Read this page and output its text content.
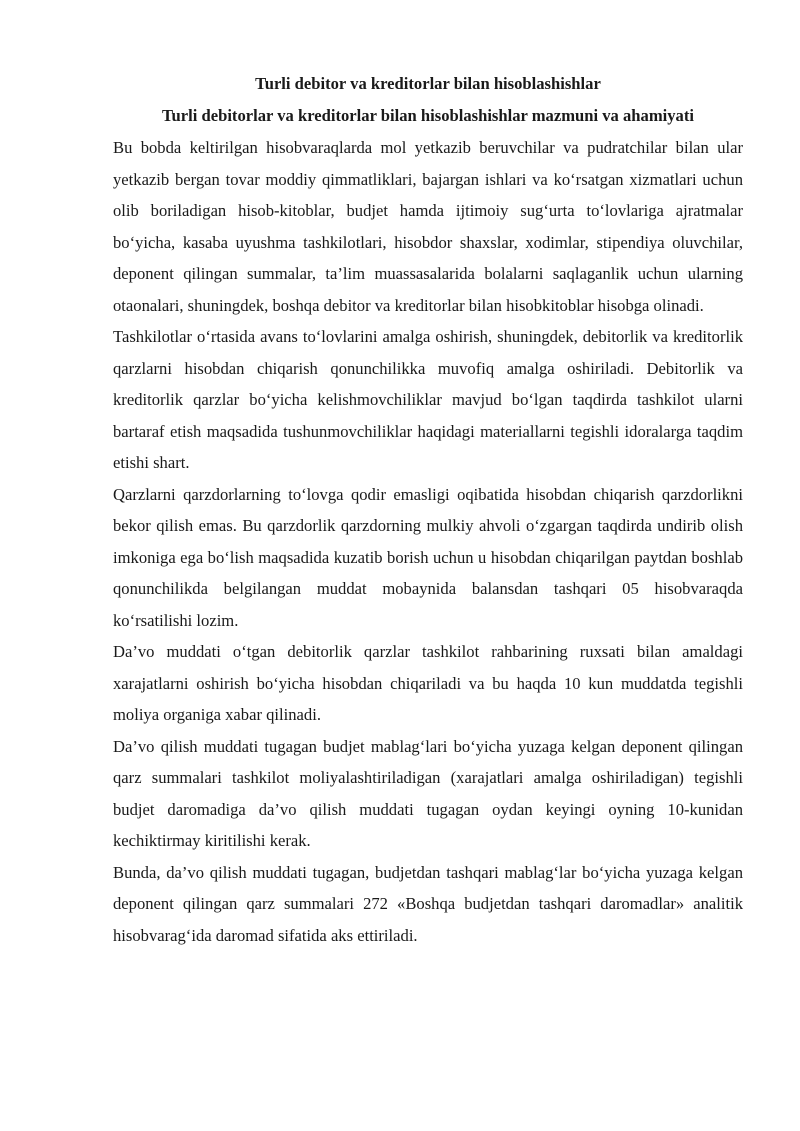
Turli debitor va kreditorlar bilan hisoblashishlar

Turli debitorlar va kreditorlar bilan hisoblashishlar mazmuni va ahamiyati

Bu bobda keltirilgan hisobvaraqlarda mol yetkazib beruvchilar va pudratchilar bilan ular yetkazib bergan tovar moddiy qimmatliklari, bajargan ishlari va ko‘rsatgan xizmatlari uchun olib boriladigan hisob-kitoblar, budjet hamda ijtimoiy sug‘urta to‘lovlariga ajratmalar bo‘yicha, kasaba uyushma tashkilotlari, hisobdor shaxslar, xodimlar, stipendiya oluvchilar, deponent qilingan summalar, ta’lim muassasalarida bolalarni saqlaganlik uchun ularning otaonalari, shuningdek, boshqa debitor va kreditorlar bilan hisobkitoblar hisobga olinadi.

Tashkilotlar o‘rtasida avans to‘lovlarini amalga oshirish, shuningdek, debitorlik va kreditorlik qarzlarni hisobdan chiqarish qonunchilikka muvofiq amalga oshiriladi. Debitorlik va kreditorlik qarzlar bo‘yicha kelishmovchiliklar mavjud bo‘lgan taqdirda tashkilot ularni bartaraf etish maqsadida tushunmovchiliklar haqidagi materiallarni tegishli idoralarga taqdim etishi shart.

Qarzlarni qarzdorlarning to‘lovga qodir emasligi oqibatida hisobdan chiqarish qarzdorlikni bekor qilish emas. Bu qarzdorlik qarzdorning mulkiy ahvoli o‘zgargan taqdirda undirib olish imkoniga ega bo‘lish maqsadida kuzatib borish uchun u hisobdan chiqarilgan paytdan boshlab qonunchilikda belgilangan muddat mobaynida balansdan tashqari 05 hisobvaraqda ko‘rsatilishi lozim.

Da’vo muddati o‘tgan debitorlik qarzlar tashkilot rahbarining ruxsati bilan amaldagi xarajatlarni oshirish bo‘yicha hisobdan chiqariladi va bu haqda 10 kun muddatda tegishli moliya organiga xabar qilinadi.

Da’vo qilish muddati tugagan budjet mablag‘lari bo‘yicha yuzaga kelgan deponent qilingan qarz summalari tashkilot moliyalashtiriladigan (xarajatlari amalga oshiriladigan) tegishli budjet daromadiga da’vo qilish muddati tugagan oydan keyingi oyning 10-kunidan kechiktirmay kiritilishi kerak.

Bunda, da’vo qilish muddati tugagan, budjetdan tashqari mablag‘lar bo‘yicha yuzaga kelgan deponent qilingan qarz summalari 272 «Boshqa budjetdan tashqari daromadlar» analitik hisobvarag‘ida daromad sifatida aks ettiriladi.
